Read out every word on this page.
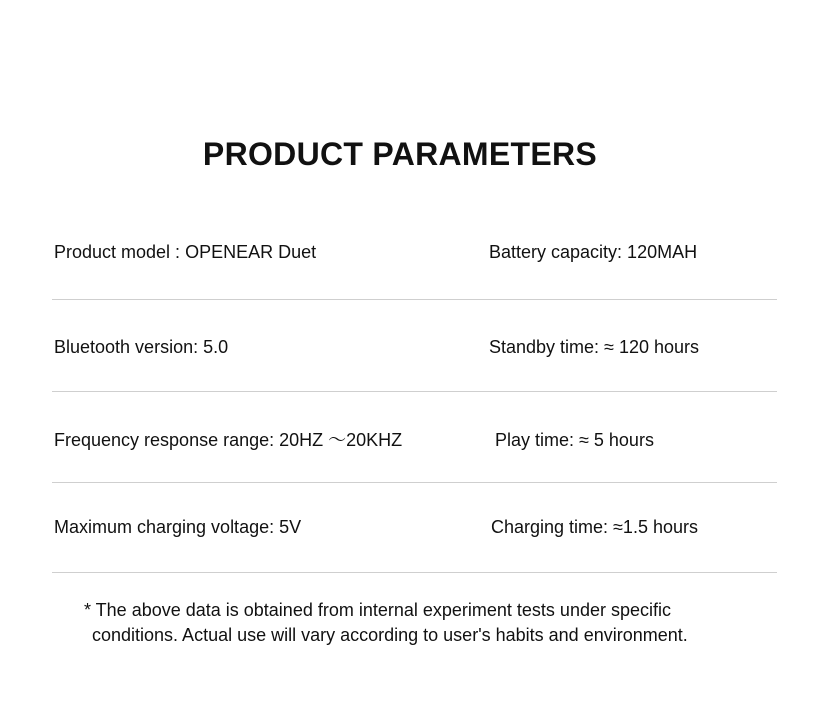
PRODUCT PARAMETERS
Product model : OPENEAR Duet	Battery capacity: 120MAH
Bluetooth version: 5.0	Standby time: ≈ 120 hours
Frequency response range: 20HZ ～20KHZ	Play time: ≈ 5 hours
Maximum charging voltage: 5V	Charging time: ≈1.5 hours
* The above data is obtained from internal experiment tests under specific
conditions. Actual use will vary according to user's habits and environment.
